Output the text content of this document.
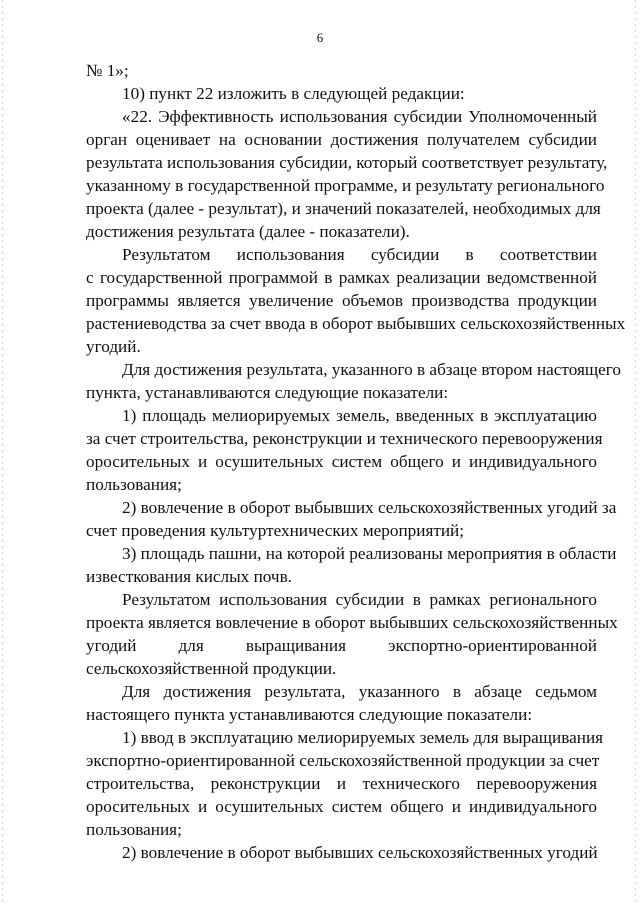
6
№ 1»;
10) пункт 22 изложить в следующей редакции:
«22. Эффективность использования субсидии Уполномоченный
орган оценивает на основании достижения получателем субсидии
результата использования субсидии, который соответствует результату,
указанному в государственной программе, и результату регионального
проекта (далее - результат), и значений показателей, необходимых для
достижения результата (далее - показатели).
Результатом использования субсидии в соответствии
с государственной программой в рамках реализации ведомственной
программы является увеличение объемов производства продукции
растениеводства за счет ввода в оборот выбывших сельскохозяйственных
угодий.
Для достижения результата, указанного в абзаце втором настоящего
пункта, устанавливаются следующие показатели:
1) площадь мелиорируемых земель, введенных в эксплуатацию
за счет строительства, реконструкции и технического перевооружения
оросительных и осушительных систем общего и индивидуального
пользования;
2) вовлечение в оборот выбывших сельскохозяйственных угодий за
счет проведения культуртехнических мероприятий;
3) площадь пашни, на которой реализованы мероприятия в области
известкования кислых почв.
Результатом использования субсидии в рамках регионального
проекта является вовлечение в оборот выбывших сельскохозяйственных
угодий для выращивания экспортно-ориентированной
сельскохозяйственной продукции.
Для достижения результата, указанного в абзаце седьмом
настоящего пункта устанавливаются следующие показатели:
1) ввод в эксплуатацию мелиорируемых земель для выращивания
экспортно-ориентированной сельскохозяйственной продукции за счет
строительства, реконструкции и технического перевооружения
оросительных и осушительных систем общего и индивидуального
пользования;
2) вовлечение в оборот выбывших сельскохозяйственных угодий
